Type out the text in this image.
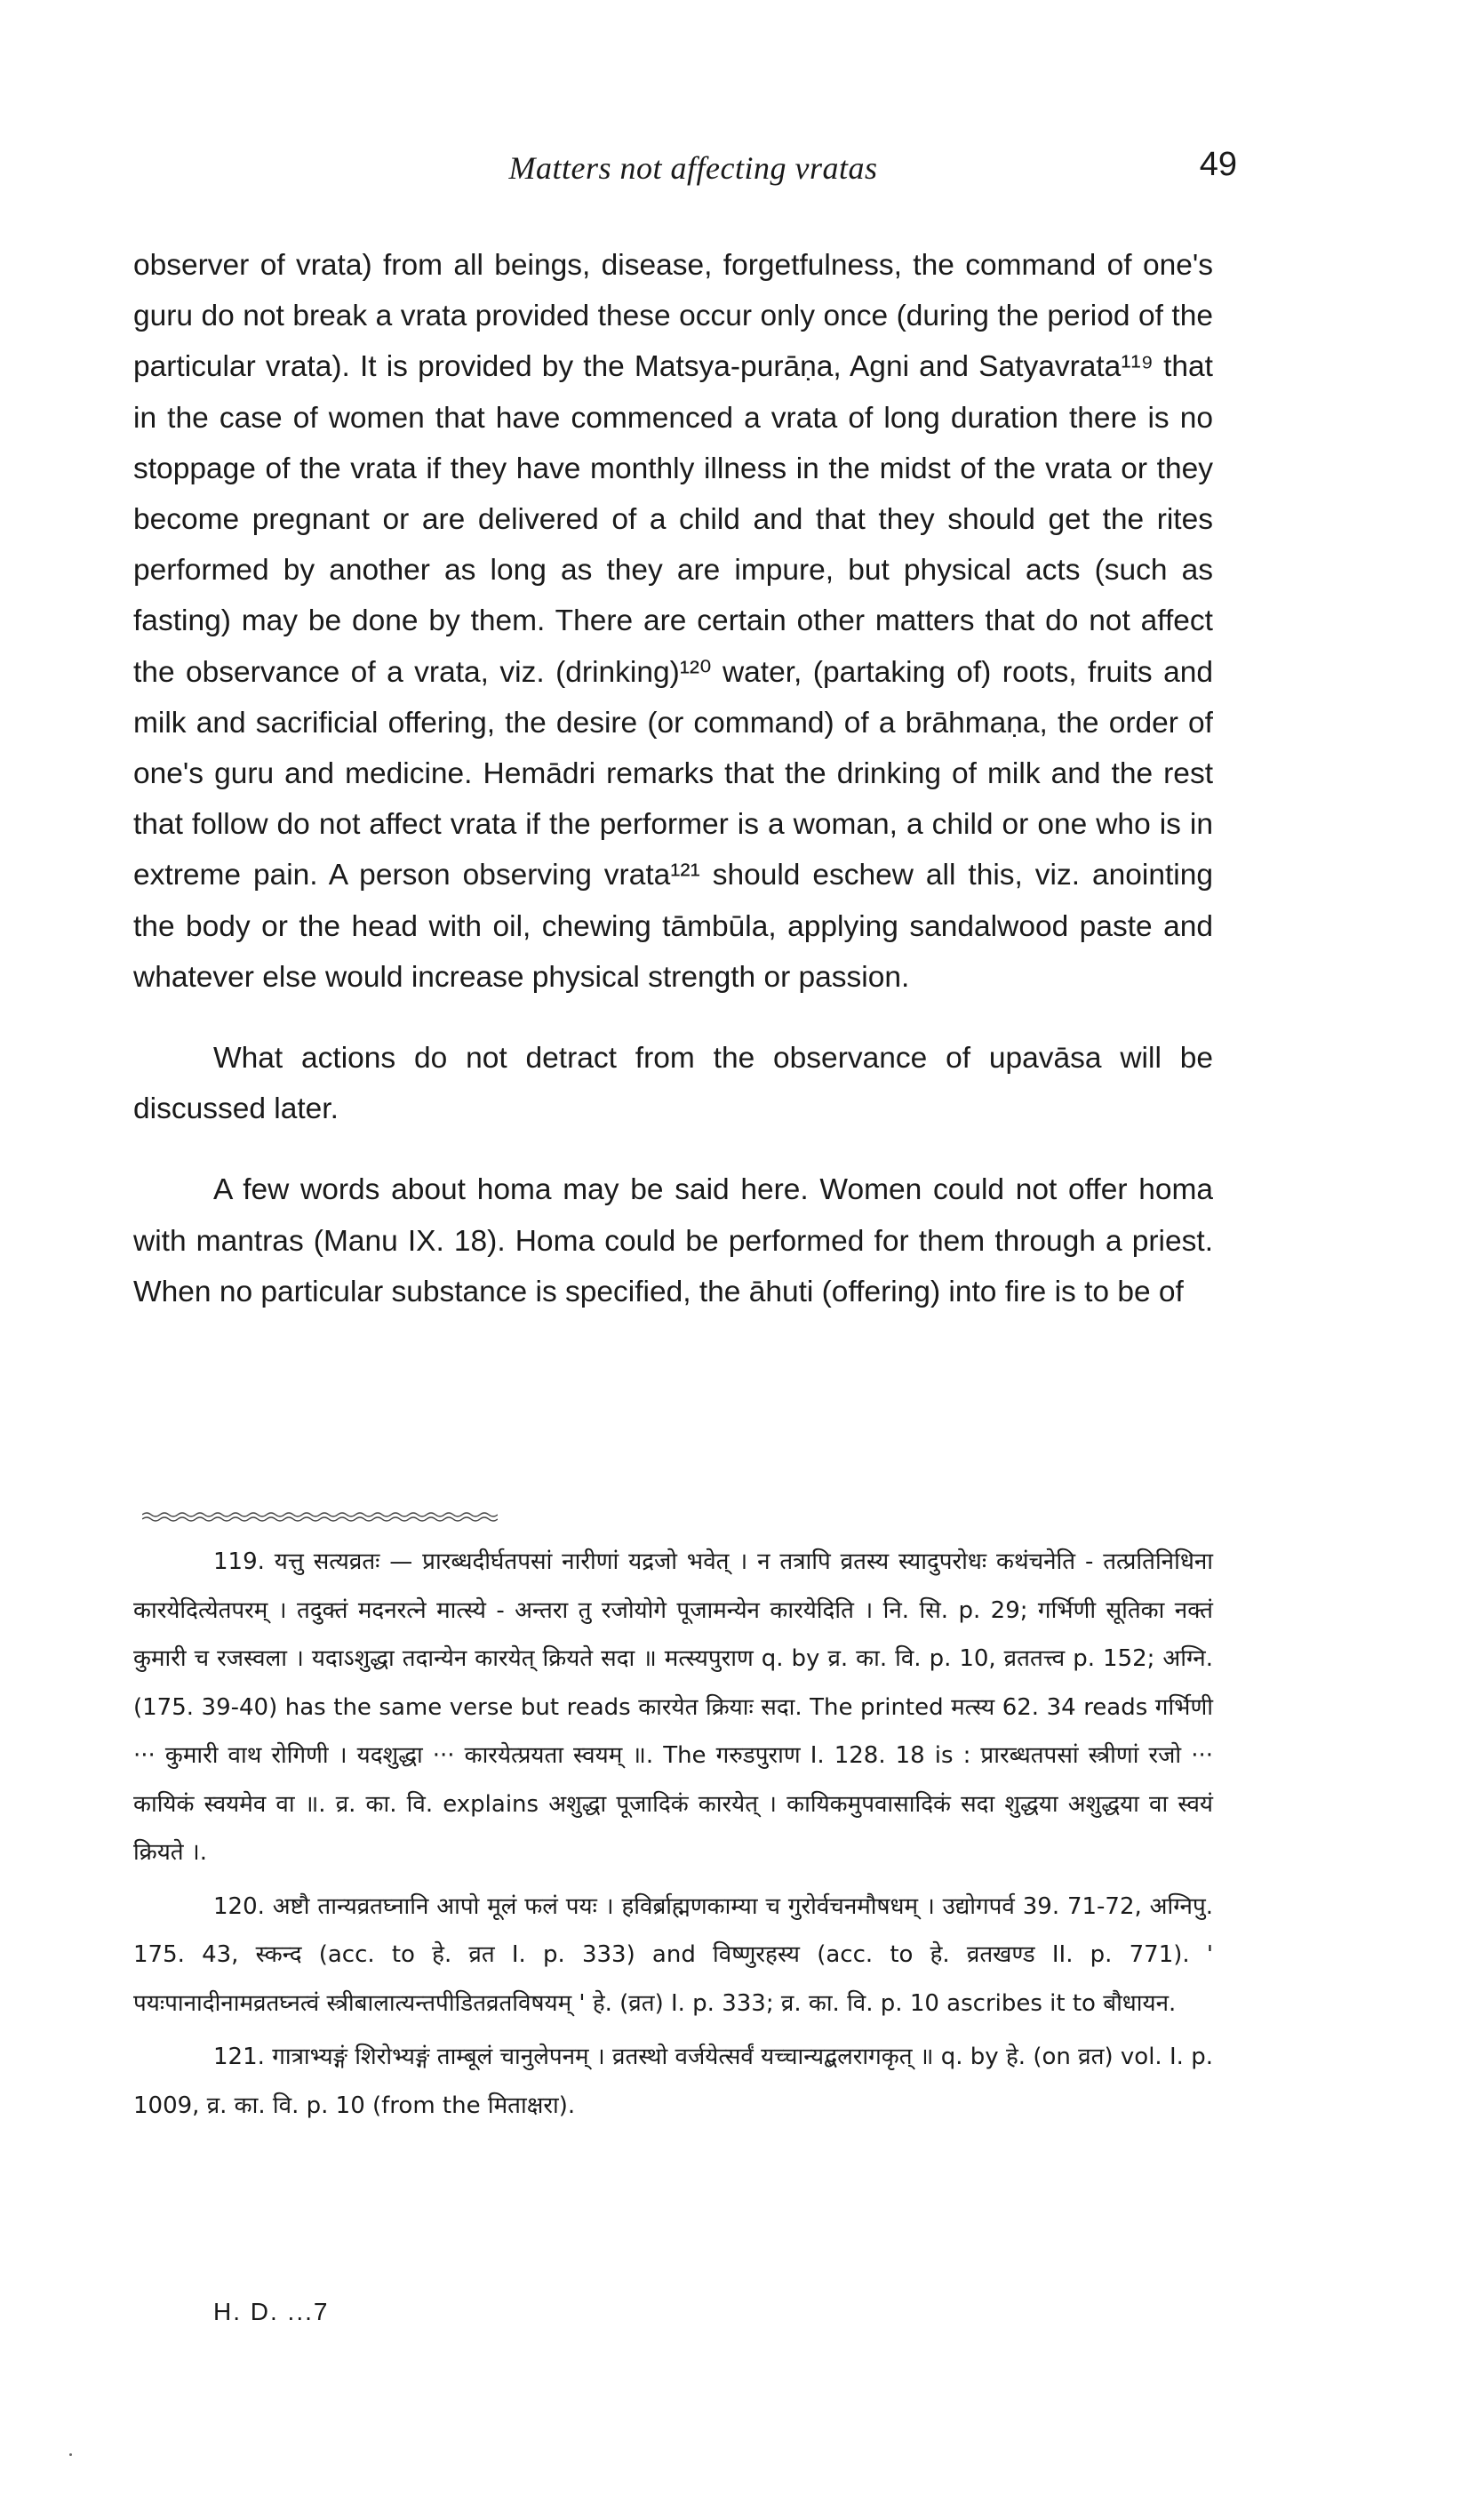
Matters not affecting vratas	49

observer of vrata) from all beings, disease, forgetfulness, the command of one's guru do not break a vrata provided these occur only once (during the period of the particular vrata). It is provided by the Matsya-purāṇa, Agni and Satyavrata¹¹⁹ that in the case of women that have commenced a vrata of long duration there is no stoppage of the vrata if they have monthly illness in the midst of the vrata or they become pregnant or are delivered of a child and that they should get the rites performed by another as long as they are impure, but physical acts (such as fasting) may be done by them. There are certain other matters that do not affect the observance of a vrata, viz. (drinking)¹²⁰ water, (partaking of) roots, fruits and milk and sacrificial offering, the desire (or command) of a brāhmaṇa, the order of one's guru and medicine. Hemādri remarks that the drinking of milk and the rest that follow do not affect vrata if the performer is a woman, a child or one who is in extreme pain. A person observing vrata¹²¹ should eschew all this, viz. anointing the body or the head with oil, chewing tāmbūla, applying sandalwood paste and whatever else would increase physical strength or passion.

What actions do not detract from the observance of upavāsa will be discussed later.

A few words about homa may be said here. Women could not offer homa with mantras (Manu IX. 18). Homa could be performed for them through a priest. When no particular substance is specified, the āhuti (offering) into fire is to be of

119. यत्तु सत्यव्रतः — प्रारब्धदीर्घतपसां नारीणां यद्रजो भवेत् । न तत्रापि व्रतस्य स्यादुपरोधः कथंचनेति - तत्प्रतिनिधिना कारयेदित्येतपरम् । तदुक्तं मदनरत्ने मात्स्ये - अन्तरा तु रजोयोगे पूजामन्येन कारयेदिति । नि. सि. p. 29; गर्भिणी सूतिका नक्तं कुमारी च रजस्वला । यदाऽशुद्धा तदान्येन कारयेत् क्रियते सदा ॥ मत्स्यपुराण q. by व्र. का. वि. p. 10, व्रततत्त्व p. 152; अग्नि. (175. 39-40) has the same verse but reads कारयेत क्रियाः सदा. The printed मत्स्य 62. 34 reads गर्भिणी ··· कुमारी वाथ रोगिणी । यदशुद्धा ··· कारयेत्प्रयता स्वयम् ॥. The गरुडपुराण I. 128. 18 is : प्रारब्धतपसां स्त्रीणां रजो ··· कायिकं स्वयमेव वा ॥. व्र. का. वि. explains अशुद्धा पूजादिकं कारयेत् । कायिकमुपवासादिकं सदा शुद्धया अशुद्धया वा स्वयं क्रियते ।.

120. अष्टौ तान्यव्रतघ्नानि आपो मूलं फलं पयः । हविर्ब्राह्मणकाम्या च गुरोर्वचनमौषधम् । उद्योगपर्व 39. 71-72, अग्निपु. 175. 43, स्कन्द (acc. to हे. व्रत I. p. 333) and विष्णुरहस्य (acc. to हे. व्रतखण्ड II. p. 771). ' पयःपानादीनामव्रतघ्नत्वं स्त्रीबालात्यन्तपीडितव्रतविषयम् ' हे. (व्रत) I. p. 333; व्र. का. वि. p. 10 ascribes it to बौधायन.

121. गात्राभ्यङ्गं शिरोभ्यङ्गं ताम्बूलं चानुलेपनम् । व्रतस्थो वर्जयेत्सर्वं यच्चान्यद्बलरागकृत् ॥ q. by हे. (on व्रत) vol. I. p. 1009, व्र. का. वि. p. 10 (from the मिताक्षरा).

H. D. ...7
